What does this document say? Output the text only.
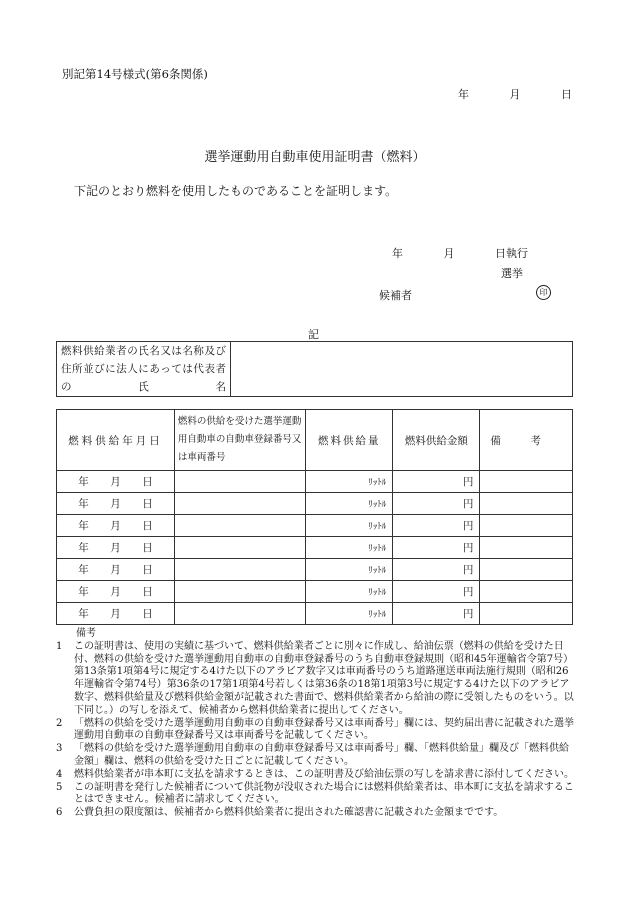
別記第14号様式(第6条関係)
年	月	日
選挙運動用自動車使用証明書（燃料）
下記のとおり燃料を使用したものであることを証明します。
年	月	日執行
選挙
候補者	印
記
燃料供給業者の氏名又は名称及び住所並びに法人にあっては代表者の氏名	
燃料供給年月日	燃料の供給を受けた選挙運動用自動車の自動車登録番号又は車両番号	燃料供給量	燃料供給金額	備 考
年 月 日		ﾘｯﾄﾙ	円	
年 月 日		ﾘｯﾄﾙ	円	
年 月 日		ﾘｯﾄﾙ	円	
年 月 日		ﾘｯﾄﾙ	円	
年 月 日		ﾘｯﾄﾙ	円	
年 月 日		ﾘｯﾄﾙ	円	
年 月 日		ﾘｯﾄﾙ	円	
備考
1	この証明書は、使用の実績に基づいて、燃料供給業者ごとに別々に作成し、給油伝票（燃料の供給を受けた日付、燃料の供給を受けた選挙運動用自動車の自動車登録番号のうち自動車登録規則（昭和45年運輸省令第7号）第13条第1項第4号に規定する4けた以下のアラビア数字又は車両番号のうち道路運送車両法施行規則（昭和26年運輸省令第74号）第36条の17第1項第4号若しくは第36条の18第1項第3号に規定する4けた以下のアラビア数字、燃料供給量及び燃料供給金額が記載された書面で、燃料供給業者から給油の際に受領したものをいう。以下同じ。）の写しを添えて、候補者から燃料供給業者に提出してください。
2	「燃料の供給を受けた選挙運動用自動車の自動車登録番号又は車両番号」欄には、契約届出書に記載された選挙運動用自動車の自動車登録番号又は車両番号を記載してください。
3	「燃料の供給を受けた選挙運動用自動車の自動車登録番号又は車両番号」欄、「燃料供給量」欄及び「燃料供給金額」欄は、燃料の供給を受けた日ごとに記載してください。
4	燃料供給業者が串本町に支払を請求するときは、この証明書及び給油伝票の写しを請求書に添付してください。
5	この証明書を発行した候補者について供託物が没収された場合には燃料供給業者は、串本町に支払を請求することはできません。候補者に請求してください。
6	公費負担の限度額は、候補者から燃料供給業者に提出された確認書に記載された金額までです。
